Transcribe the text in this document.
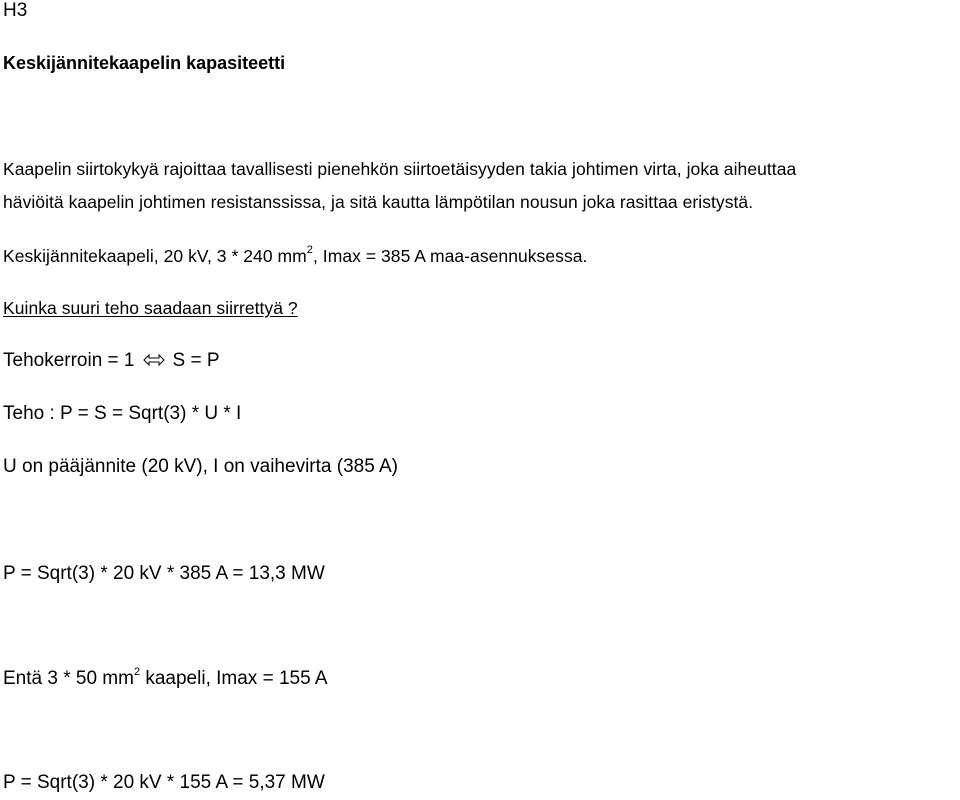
H3
Keskijännitekaapelin kapasiteetti
Kaapelin siirtokykyä rajoittaa tavallisesti pienehkön siirtoetäisyyden takia johtimen virta, joka aiheuttaa
häviöitä kaapelin johtimen resistanssissa, ja sitä kautta lämpötilan nousun joka rasittaa eristystä.
Keskijännitekaapeli, 20 kV, 3 * 240 $mm^2$, Imax = 385 A maa-asennuksessa.
Kuinka suuri teho saadaan siirrettyä ?
Tehokerroin = 1 S = P
Teho : P = S = Sqrt(3) * U * I
U on pääjännite (20 kV), I on vaihevirta (385 A)
P = Sqrt(3) * 20 kV * 385 A = 13,3 MW
Entä 3 * 50 $mm^2$ kaapeli, Imax = 155 A
P = Sqrt(3) * 20 kV * 155 A = 5,37 MW
